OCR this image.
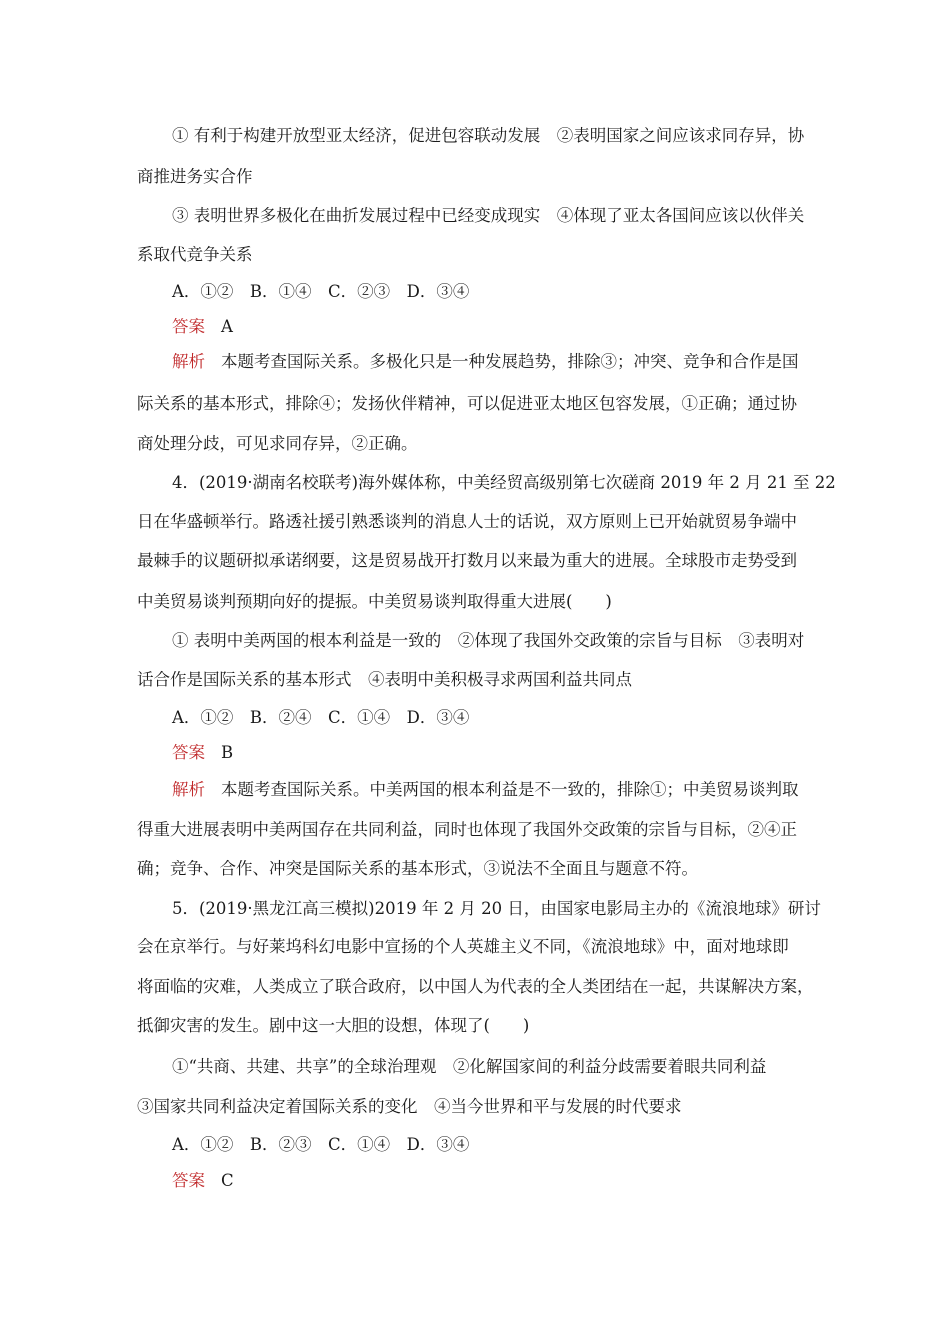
① 有利于构建开放型亚太经济，促进包容联动发展　②表明国家之间应该求同存异，协
商推进务实合作
③ 表明世界多极化在曲折发展过程中已经变成现实　④体现了亚太各国间应该以伙伴关
系取代竞争关系
A．①②　B．①④　C．②③　D．③④
答案 A
解析 本题考查国际关系。多极化只是一种发展趋势，排除③；冲突、竞争和合作是国
际关系的基本形式，排除④；发扬伙伴精神，可以促进亚太地区包容发展，①正确；通过协
商处理分歧，可见求同存异，②正确。
4．(2019·湖南名校联考)海外媒体称，中美经贸高级别第七次磋商 2019 年 2 月 21 至 22
日在华盛顿举行。路透社援引熟悉谈判的消息人士的话说，双方原则上已开始就贸易争端中
最棘手的议题研拟承诺纲要，这是贸易战开打数月以来最为重大的进展。全球股市走势受到
中美贸易谈判预期向好的提振。中美贸易谈判取得重大进展(　　)
① 表明中美两国的根本利益是一致的　②体现了我国外交政策的宗旨与目标　③表明对
话合作是国际关系的基本形式　④表明中美积极寻求两国利益共同点
A．①②　B．②④　C．①④　D．③④
答案 B
解析 本题考查国际关系。中美两国的根本利益是不一致的，排除①；中美贸易谈判取
得重大进展表明中美两国存在共同利益，同时也体现了我国外交政策的宗旨与目标，②④正
确；竞争、合作、冲突是国际关系的基本形式，③说法不全面且与题意不符。
5．(2019·黑龙江高三模拟)2019 年 2 月 20 日，由国家电影局主办的《流浪地球》研讨
会在京举行。与好莱坞科幻电影中宣扬的个人英雄主义不同，《流浪地球》中，面对地球即
将面临的灾难，人类成立了联合政府，以中国人为代表的全人类团结在一起，共谋解决方案，
抵御灾害的发生。剧中这一大胆的设想，体现了(　　)
①“共商、共建、共享”的全球治理观　②化解国家间的利益分歧需要着眼共同利益
③国家共同利益决定着国际关系的变化　④当今世界和平与发展的时代要求
A．①②　B．②③　C．①④　D．③④
答案 C
